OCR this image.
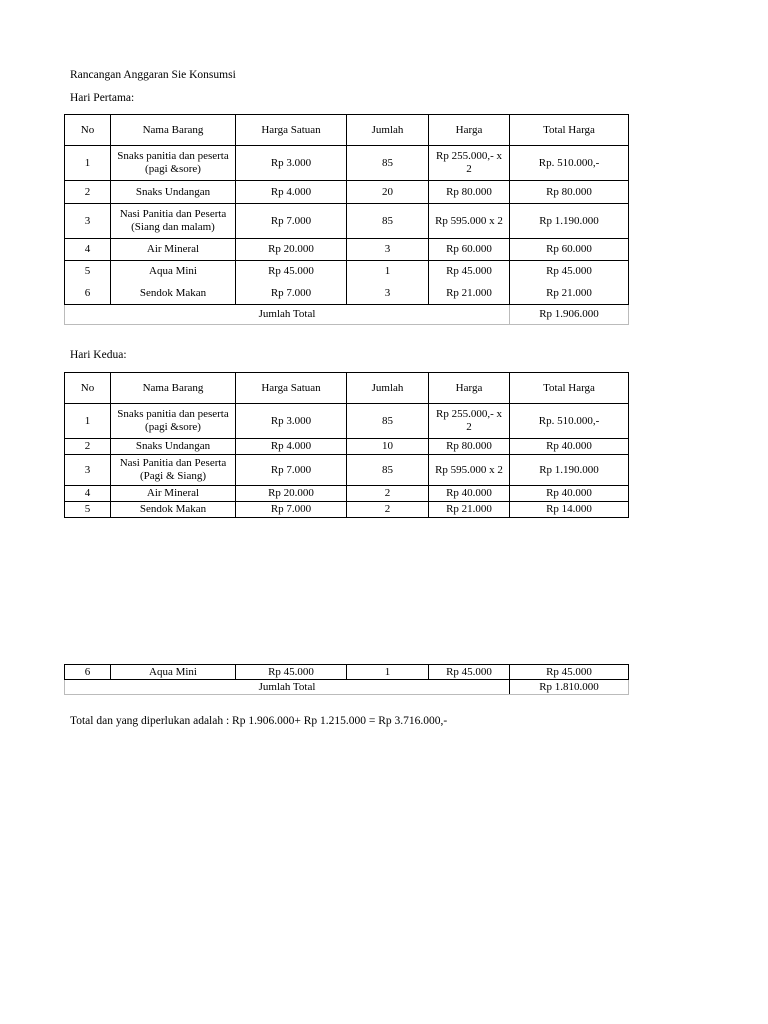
Rancangan Anggaran Sie Konsumsi
Hari Pertama:
No	Nama Barang	Harga Satuan	Jumlah	Harga	Total Harga
1	Snaks panitia dan peserta (pagi &sore)	Rp 3.000	85	Rp 255.000,- x 2	Rp. 510.000,-
2	Snaks Undangan	Rp 4.000	20	Rp 80.000	Rp 80.000
3	Nasi Panitia dan Peserta (Siang dan malam)	Rp 7.000	85	Rp 595.000 x 2	Rp 1.190.000
4	Air Mineral	Rp 20.000	3	Rp 60.000	Rp 60.000
5	Aqua Mini	Rp 45.000	1	Rp 45.000	Rp 45.000
6	Sendok Makan	Rp 7.000	3	Rp 21.000	Rp 21.000
Jumlah Total					Rp 1.906.000
Hari Kedua:
No	Nama Barang	Harga Satuan	Jumlah	Harga	Total Harga
1	Snaks panitia dan peserta (pagi &sore)	Rp 3.000	85	Rp 255.000,- x 2	Rp. 510.000,-
2	Snaks Undangan	Rp 4.000	10	Rp 80.000	Rp 40.000
3	Nasi Panitia dan Peserta (Pagi & Siang)	Rp 7.000	85	Rp 595.000 x 2	Rp 1.190.000
4	Air Mineral	Rp 20.000	2	Rp 40.000	Rp 40.000
5	Sendok Makan	Rp 7.000	2	Rp 21.000	Rp 14.000
6	Aqua Mini	Rp 45.000	1	Rp 45.000	Rp 45.000
Jumlah Total					Rp 1.810.000
Total dan yang diperlukan adalah : Rp 1.906.000+ Rp 1.215.000 = Rp 3.716.000,-
